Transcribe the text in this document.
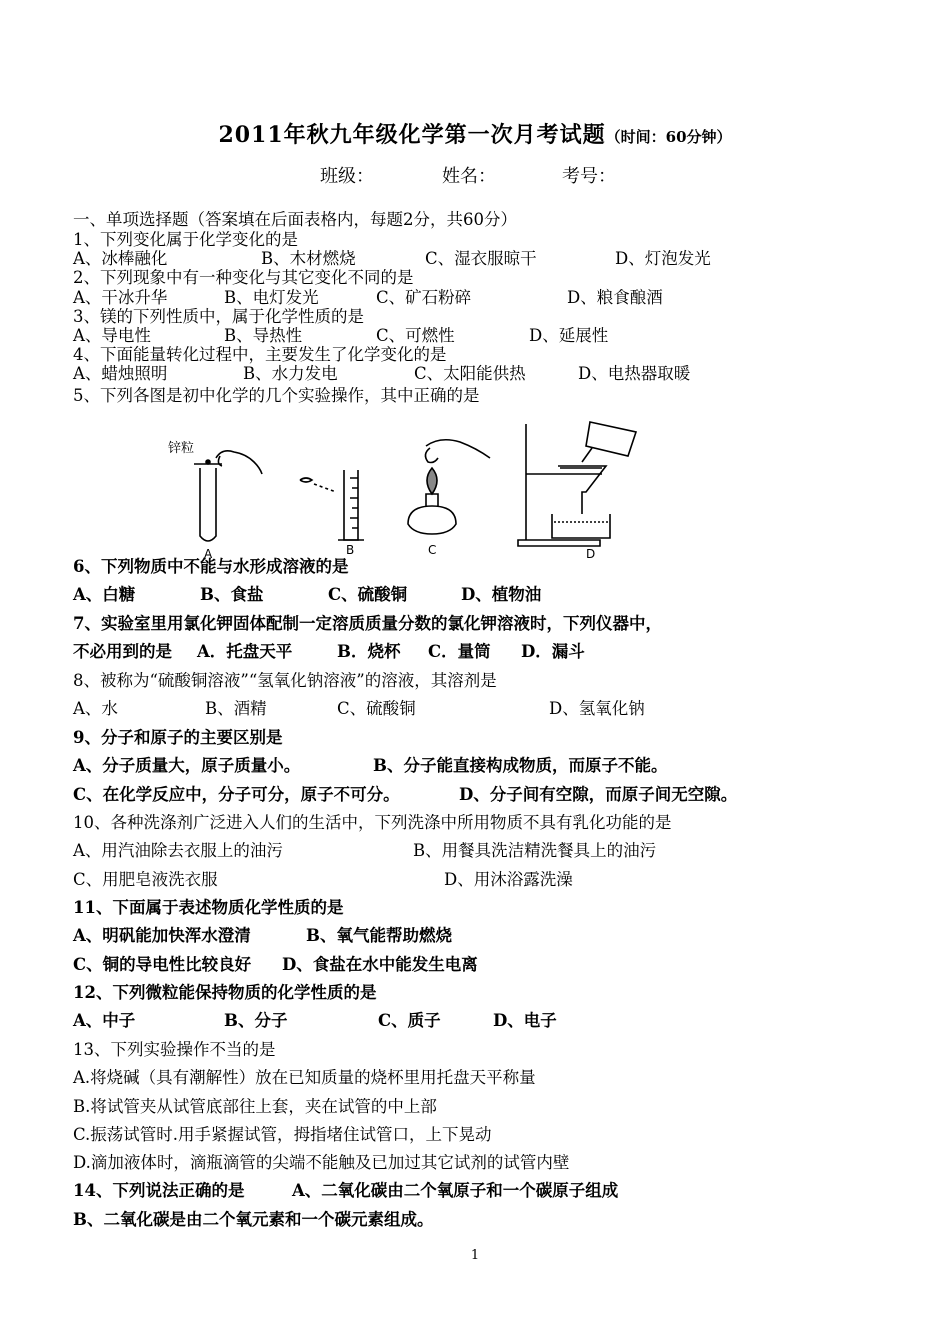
2011年秋九年级化学第一次月考试题（时间：60分钟）
班级：	姓名：	考号：
一、单项选择题（答案填在后面表格内，每题2分，共60分）
1、下列变化属于化学变化的是
A、冰棒融化	B、木材燃烧	C、湿衣服晾干	D、灯泡发光
2、下列现象中有一种变化与其它变化不同的是
A、干冰升华	B、电灯发光	C、矿石粉碎	D、粮食酿酒
3、镁的下列性质中，属于化学性质的是
A、导电性	B、导热性	C、可燃性	D、延展性
4、下面能量转化过程中，主要发生了化学变化的是
A、蜡烛照明	B、水力发电	C、太阳能供热	D、电热器取暖
5、下列各图是初中化学的几个实验操作，其中正确的是
锌粒
A	B	C	D
6、下列物质中不能与水形成溶液的是
A、白糖	B、食盐	C、硫酸铜	D、植物油
7、实验室里用氯化钾固体配制一定溶质质量分数的氯化钾溶液时，下列仪器中，
不必用到的是 A．托盘天平	B．烧杯 C．量筒 D．漏斗
8、被称为“硫酸铜溶液”“氢氧化钠溶液”的溶液，其溶剂是
A、水	B、酒精	C、硫酸铜	D、氢氧化钠
9、分子和原子的主要区别是
A、分子质量大，原子质量小。	B、分子能直接构成物质，而原子不能。
C、在化学反应中，分子可分，原子不可分。	D、分子间有空隙，而原子间无空隙。
10、各种洗涤剂广泛进入人们的生活中，下列洗涤中所用物质不具有乳化功能的是
A、用汽油除去衣服上的油污	B、用餐具洗洁精洗餐具上的油污
C、用肥皂液洗衣服	D、用沐浴露洗澡
11、下面属于表述物质化学性质的是
A、明矾能加快浑水澄清	B、氧气能帮助燃烧
C、铜的导电性比较良好 D、食盐在水中能发生电离
12、下列微粒能保持物质的化学性质的是
A、中子	B、分子	C、质子	D、电子
13、下列实验操作不当的是
A.将烧碱（具有潮解性）放在已知质量的烧杯里用托盘天平称量
B.将试管夹从试管底部往上套，夹在试管的中上部
C.振荡试管时.用手紧握试管，拇指堵住试管口，上下晃动
D.滴加液体时，滴瓶滴管的尖端不能触及已加过其它试剂的试管内壁
14、下列说法正确的是	A、二氧化碳由二个氧原子和一个碳原子组成
B、二氧化碳是由二个氧元素和一个碳元素组成。
1
